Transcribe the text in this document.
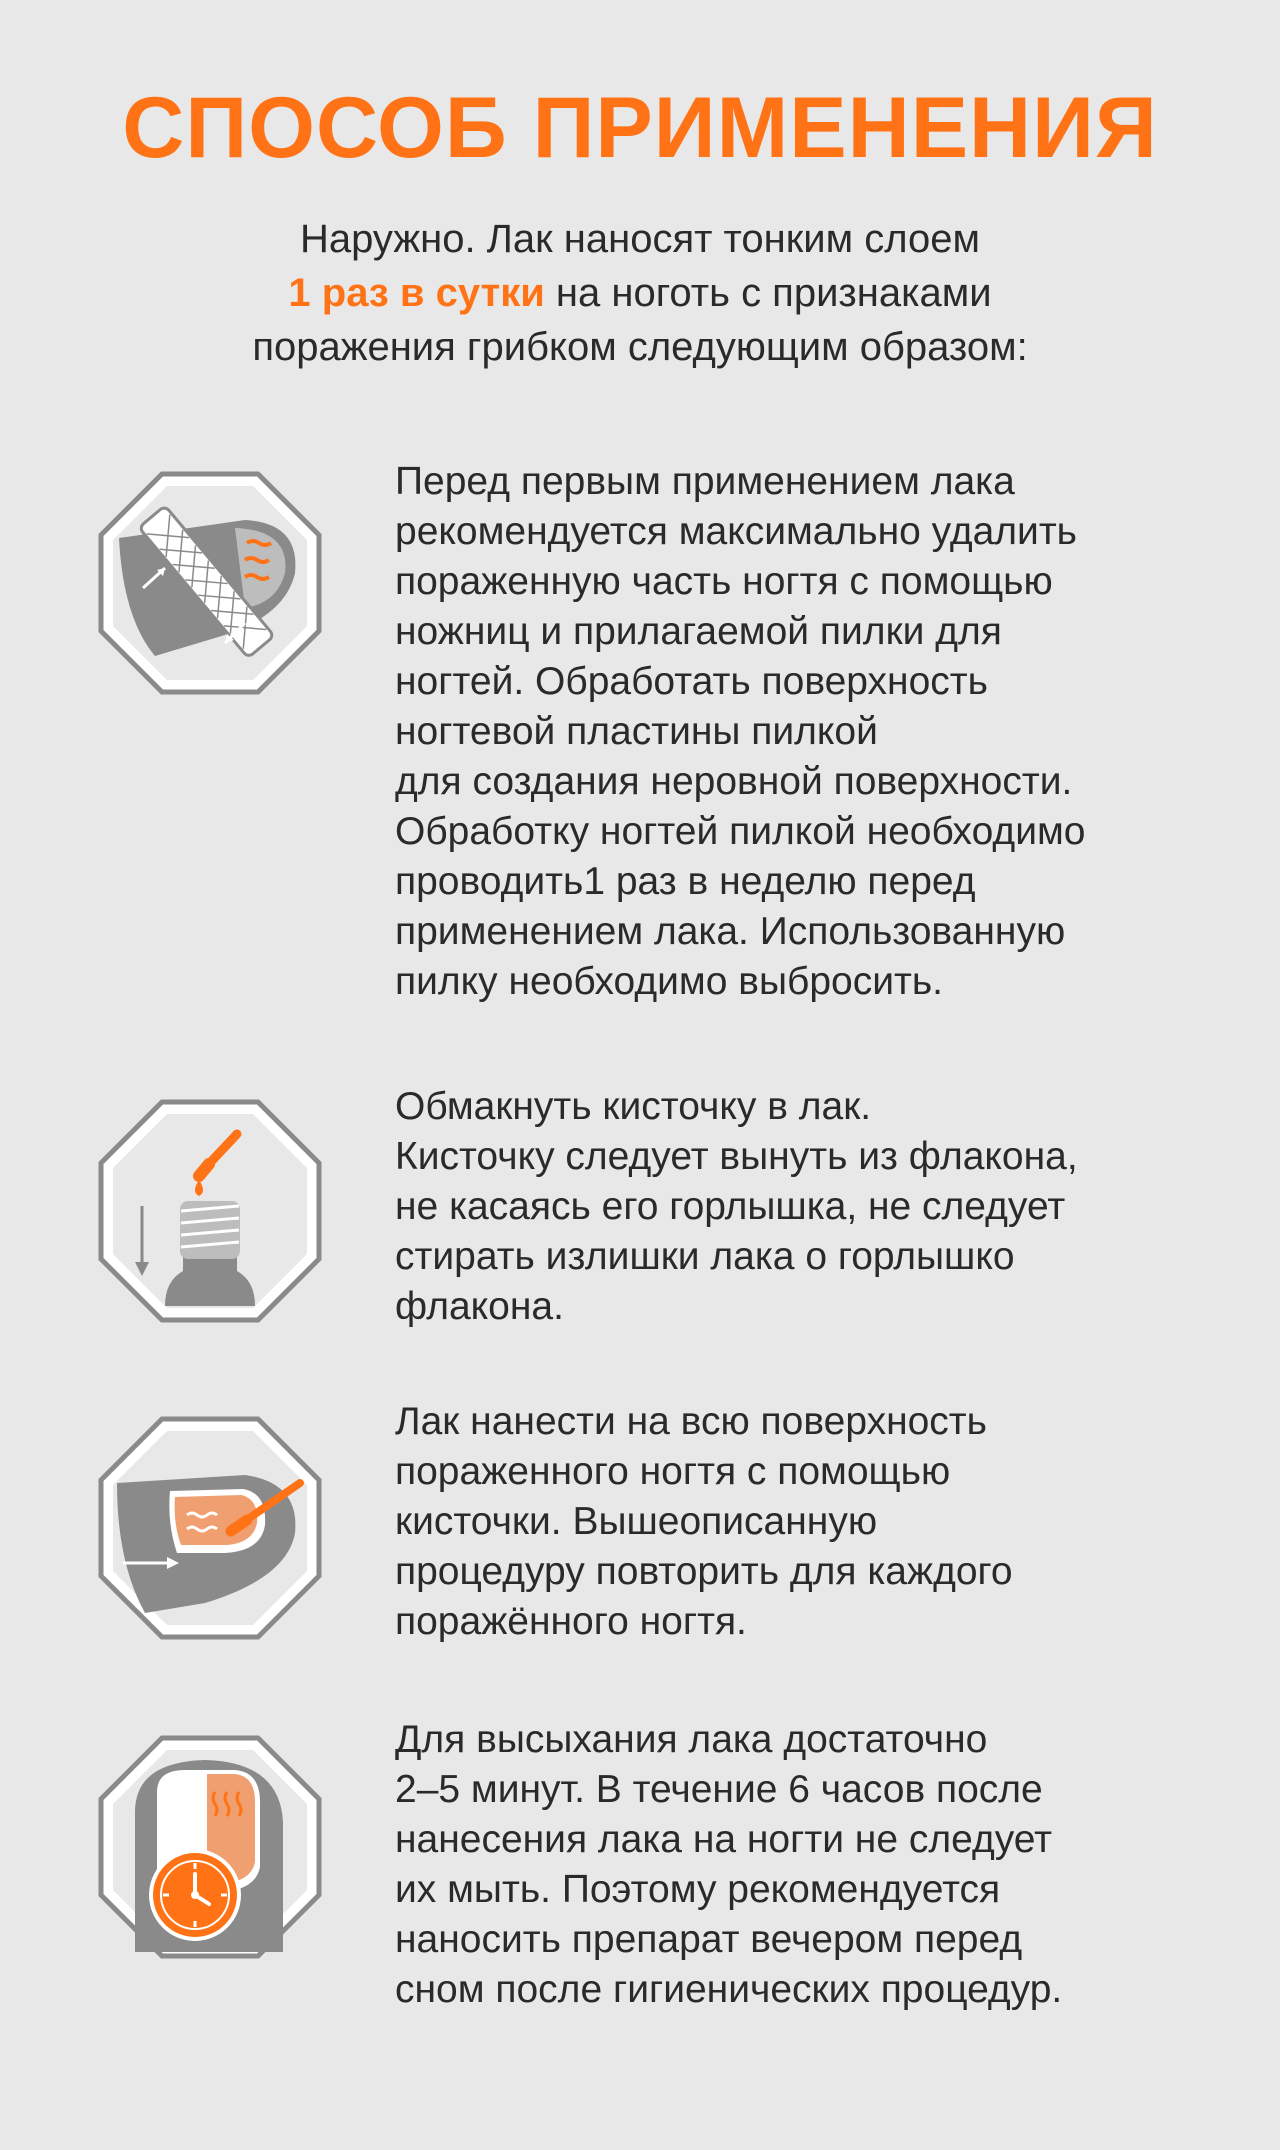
СПОСОБ ПРИМЕНЕНИЯ
Наружно. Лак наносят тонким слоем
1 раз в сутки на ноготь с признаками
поражения грибком следующим образом:
Перед первым применением лака
рекомендуется максимально удалить
пораженную часть ногтя с помощью
ножниц и прилагаемой пилки для
ногтей. Обработать поверхность
ногтевой пластины пилкой
для создания неровной поверхности.
Обработку ногтей пилкой необходимо
проводить1 раз в неделю перед
применением лака. Использованную
пилку необходимо выбросить.
Обмакнуть кисточку в лак.
Кисточку следует вынуть из флакона,
не касаясь его горлышка, не следует
стирать излишки лака о горлышко
флакона.
Лак нанести на всю поверхность
пораженного ногтя с помощью
кисточки. Вышеописанную
процедуру повторить для каждого
поражённого ногтя.
Для высыхания лака достаточно
2–5 минут. В течение 6 часов после
нанесения лака на ногти не следует
их мыть. Поэтому рекомендуется
наносить препарат вечером перед
сном после гигиенических процедур.
